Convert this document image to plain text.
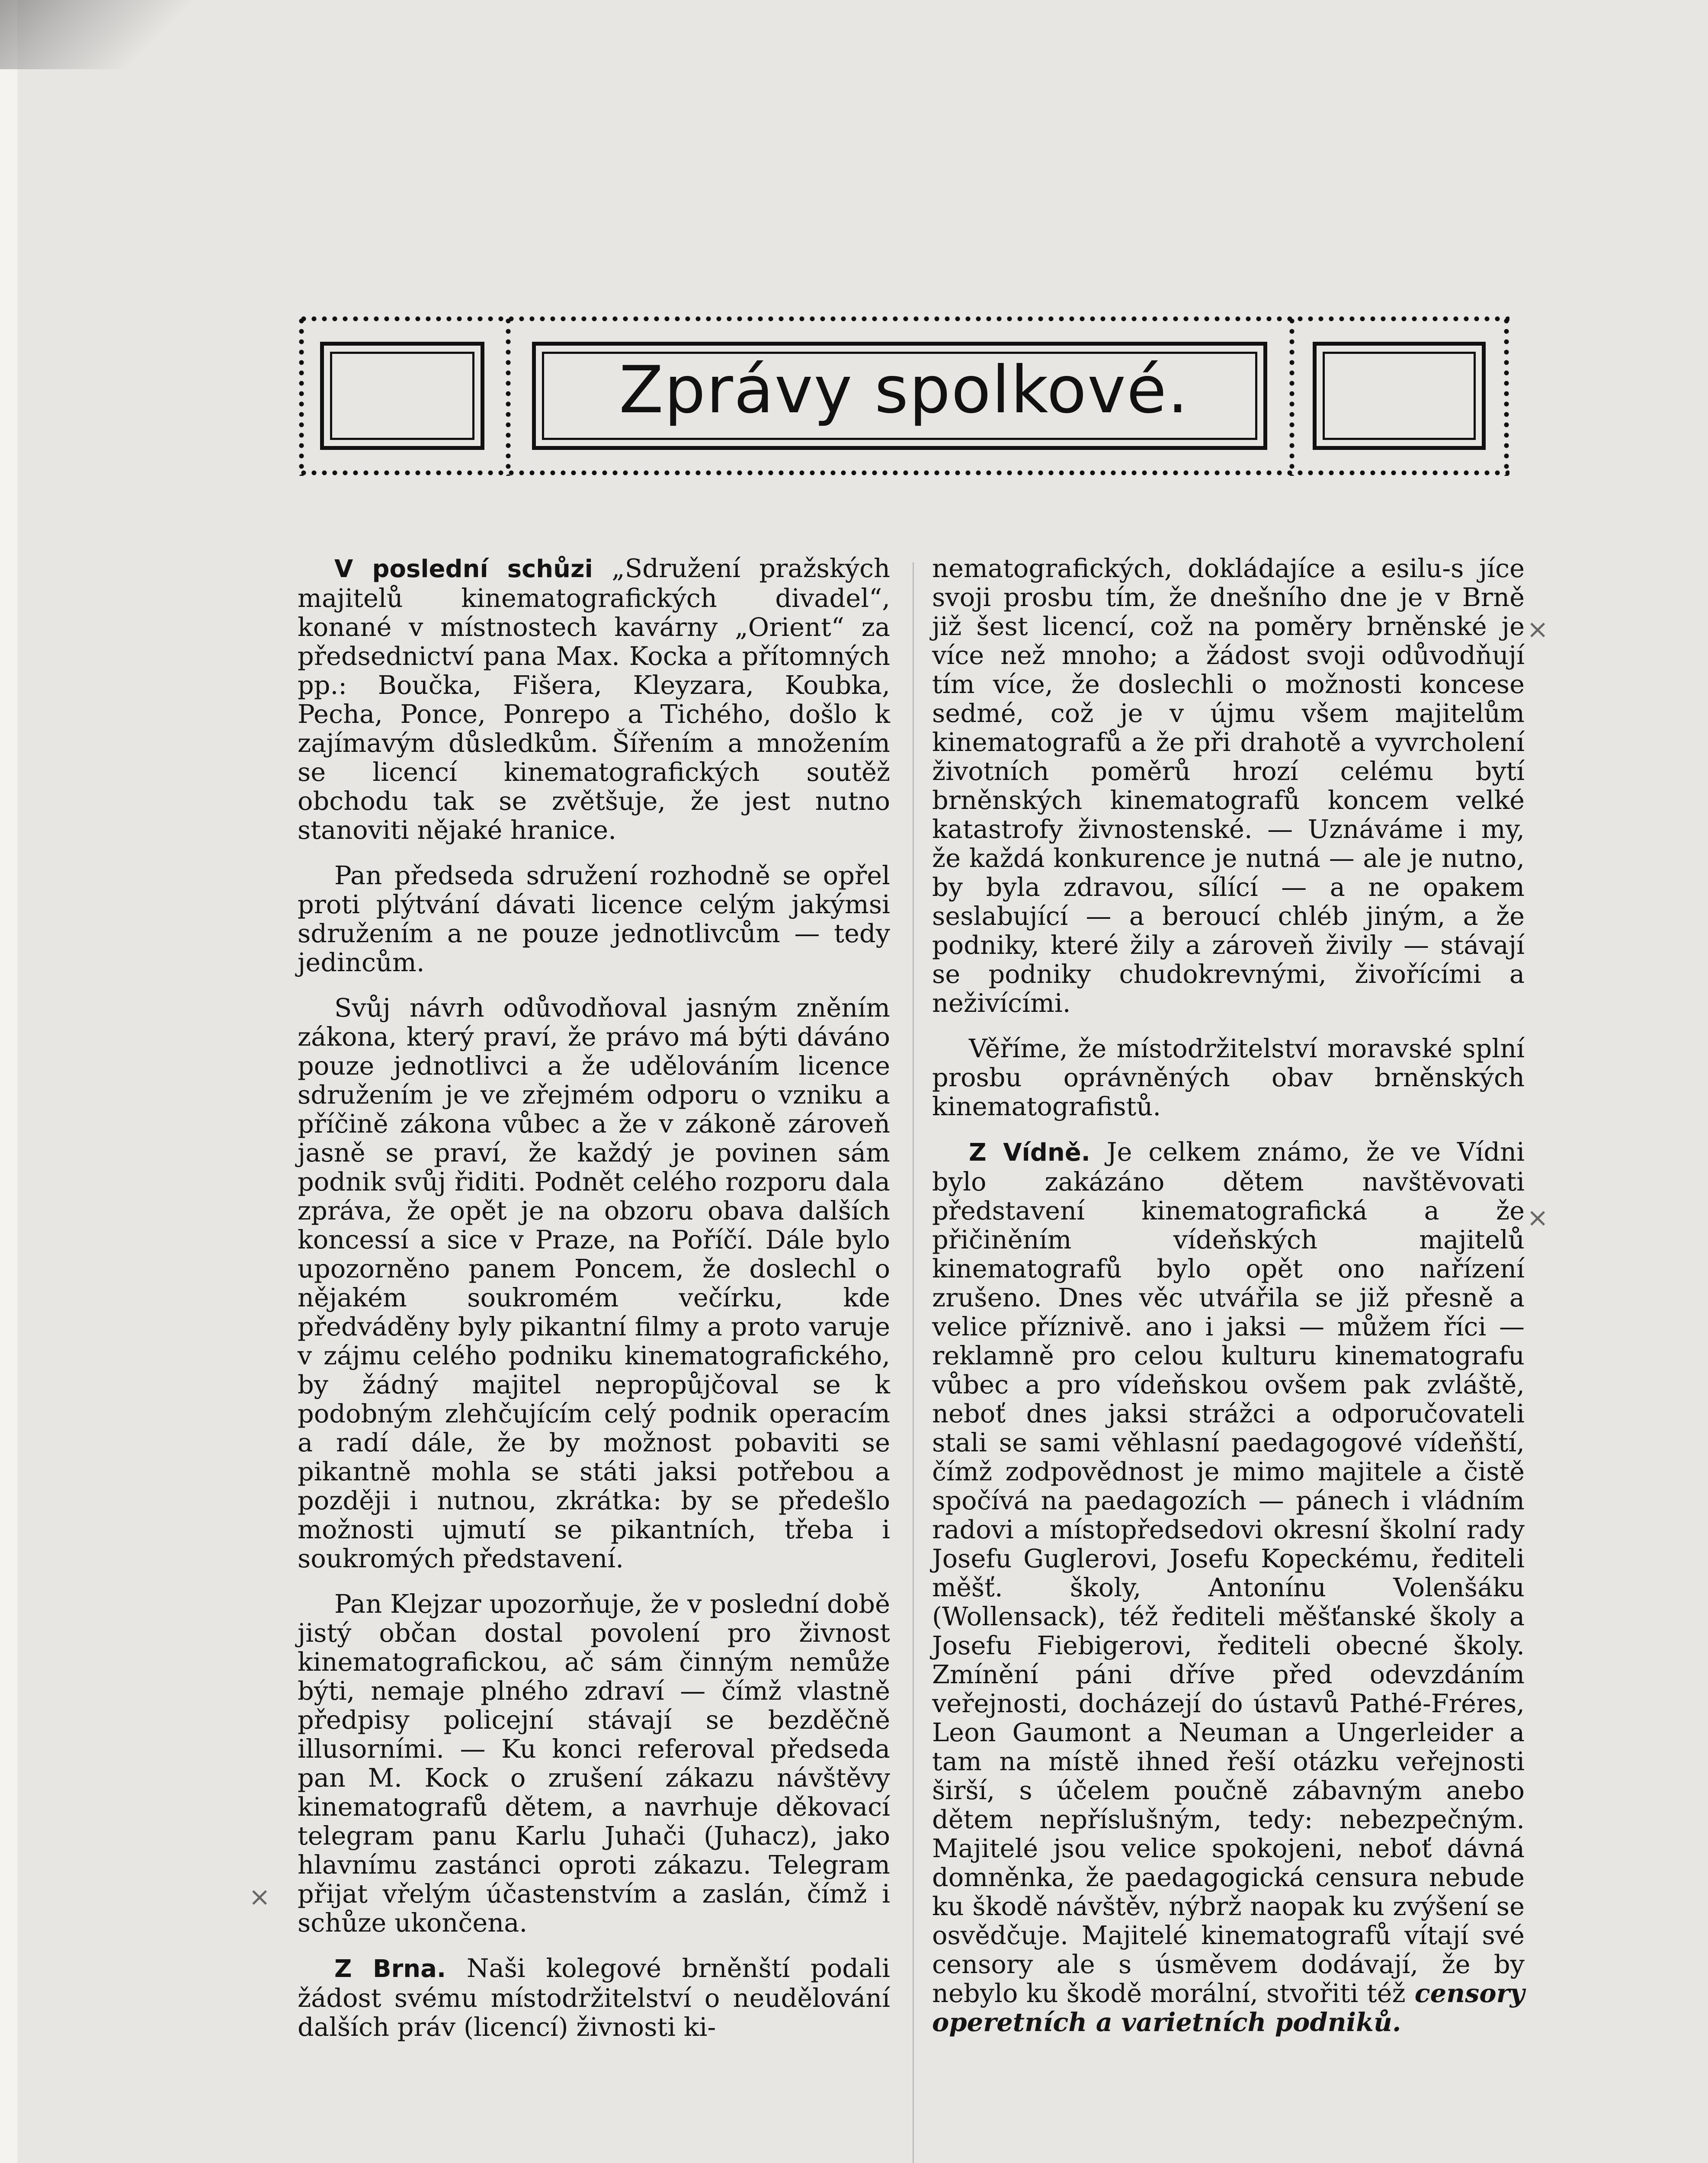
Zprávy spolkové.

V poslední schůzi „Sdružení pražských majitelů kinematografických divadel“, konané v místnostech kavárny „Orient“ za předsednictví pana Max. Kocka a přítomných pp.: Boučka, Fišera, Kleyzara, Koubka, Pecha, Ponce, Ponrepo a Tichého, došlo k zajímavým důsledkům. Šířením a množením se licencí kinematografických soutěž obchodu tak se zvětšuje, že jest nutno stanoviti nějaké hranice.

Pan předseda sdružení rozhodně se opřel proti plýtvání dávati licence celým jakýmsi sdružením a ne pouze jednotlivcům — tedy jedincům.

Svůj návrh odůvodňoval jasným zněním zákona, který praví, že právo má býti dáváno pouze jednotlivci a že udělováním licence sdružením je ve zřejmém odporu o vzniku a příčině zákona vůbec a že v zákoně zároveň jasně se praví, že každý je povinen sám podnik svůj řiditi. Podnět celého rozporu dala zpráva, že opět je na obzoru obava dalších koncessí a sice v Praze, na Poříčí. Dále bylo upozorněno panem Poncem, že doslechl o nějakém soukromém večírku, kde předváděny byly pikantní filmy a proto varuje v zájmu celého podniku kinematografického, by žádný majitel nepropůjčoval se k podobným zlehčujícím celý podnik operacím a radí dále, že by možnost pobaviti se pikantně mohla se státi jaksi potřebou a později i nutnou, zkrátka: by se předešlo možnosti ujmutí se pikantních, třeba i soukromých představení.

Pan Klejzar upozorňuje, že v poslední době jistý občan dostal povolení pro živnost kinematografickou, ač sám činným nemůže býti, nemaje plného zdraví — čímž vlastně předpisy policejní stávají se bezděčně illusorními. — Ku konci referoval předseda pan M. Kock o zrušení zákazu návštěvy kinematografů dětem, a navrhuje děkovací telegram panu Karlu Juhači (Juhacz), jako hlavnímu zastánci oproti zákazu. Telegram přijat vřelým účastenstvím a zaslán, čímž i schůze ukončena.

Z Brna. Naši kolegové brněnští podali žádost svému místodržitelství o neudělování dalších práv (licencí) živnosti ki-

nematografických, dokládajíce a esilu-s jíce svoji prosbu tím, že dnešního dne je v Brně již šest licencí, což na poměry brněnské je více než mnoho; a žádost svoji odůvodňují tím více, že doslechli o možnosti koncese sedmé, což je v újmu všem majitelům kinematografů a že při drahotě a vyvrcholení životních poměrů hrozí celému bytí brněnských kinematografů koncem velké katastrofy živnostenské. — Uznáváme i my, že každá konkurence je nutná — ale je nutno, by byla zdravou, sílící — a ne opakem seslabující — a beroucí chléb jiným, a že podniky, které žily a zároveň živily — stávají se podniky chudokrevnými, živořícími a neživícími.

Věříme, že místodržitelství moravské splní prosbu oprávněných obav brněnských kinematografistů.

Z Vídně. Je celkem známo, že ve Vídni bylo zakázáno dětem navštěvovati představení kinematografická a že přičiněním vídeňských majitelů kinematografů bylo opět ono nařízení zrušeno. Dnes věc utvářila se již přesně a velice příznivě. ano i jaksi — můžem říci — reklamně pro celou kulturu kinematografu vůbec a pro vídeňskou ovšem pak zvláště, neboť dnes jaksi strážci a odporučovateli stali se sami věhlasní paedagogové vídeňští, čímž zodpovědnost je mimo majitele a čistě spočívá na paedagozích — pánech i vládním radovi a místopředsedovi okresní školní rady Josefu Guglerovi, Josefu Kopeckému, řediteli měšť. školy, Antonínu Volenšáku (Wollensack), též řediteli měšťanské školy a Josefu Fiebigerovi, řediteli obecné školy. Zmínění páni dříve před odevzdáním veřejnosti, docházejí do ústavů Pathé-Fréres, Leon Gaumont a Neuman a Ungerleider a tam na místě ihned řeší otázku veřejnosti širší, s účelem poučně zábavným anebo dětem nepříslušným, tedy: nebezpečným. Majitelé jsou velice spokojeni, neboť dávná domněnka, že paedagogická censura nebude ku škodě návštěv, nýbrž naopak ku zvýšení se osvědčuje. Majitelé kinematografů vítají své censory ale s úsměvem dodávají, že by nebylo ku škodě morální, stvořiti též censory operetních a varietních podniků.

×
×
×
